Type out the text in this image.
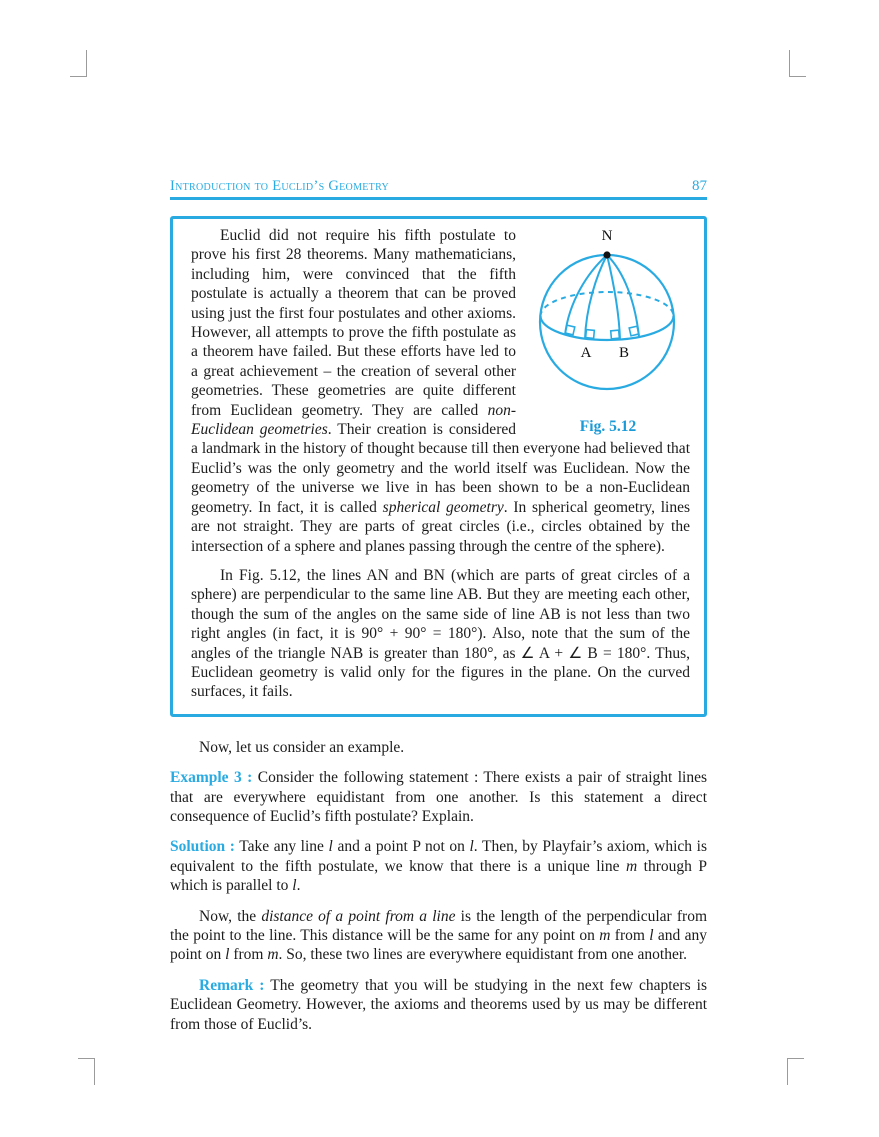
Introduction to Euclid’s Geometry	87
N
A B
Fig. 5.12

Euclid did not require his fifth postulate to prove his first 28 theorems. Many mathematicians, including him, were convinced that the fifth postulate is actually a theorem that can be proved using just the first four postulates and other axioms. However, all attempts to prove the fifth postulate as a theorem have failed. But these efforts have led to a great achievement – the creation of several other geometries. These geometries are quite different from Euclidean geometry. They are called non-Euclidean geometries. Their creation is considered a landmark in the history of thought because till then everyone had believed that Euclid’s was the only geometry and the world itself was Euclidean. Now the geometry of the universe we live in has been shown to be a non-Euclidean geometry. In fact, it is called spherical geometry. In spherical geometry, lines are not straight. They are parts of great circles (i.e., circles obtained by the intersection of a sphere and planes passing through the centre of the sphere).

In Fig. 5.12, the lines AN and BN (which are parts of great circles of a sphere) are perpendicular to the same line AB. But they are meeting each other, though the sum of the angles on the same side of line AB is not less than two right angles (in fact, it is 90° + 90° = 180°). Also, note that the sum of the angles of the triangle NAB is greater than 180°, as ∠ A + ∠ B = 180°. Thus, Euclidean geometry is valid only for the figures in the plane. On the curved surfaces, it fails.

Now, let us consider an example.

Example 3 : Consider the following statement : There exists a pair of straight lines that are everywhere equidistant from one another. Is this statement a direct consequence of Euclid’s fifth postulate? Explain.

Solution : Take any line l and a point P not on l. Then, by Playfair’s axiom, which is equivalent to the fifth postulate, we know that there is a unique line m through P which is parallel to l.

Now, the distance of a point from a line is the length of the perpendicular from the point to the line. This distance will be the same for any point on m from l and any point on l from m. So, these two lines are everywhere equidistant from one another.

Remark : The geometry that you will be studying in the next few chapters is Euclidean Geometry. However, the axioms and theorems used by us may be different from those of Euclid’s.
